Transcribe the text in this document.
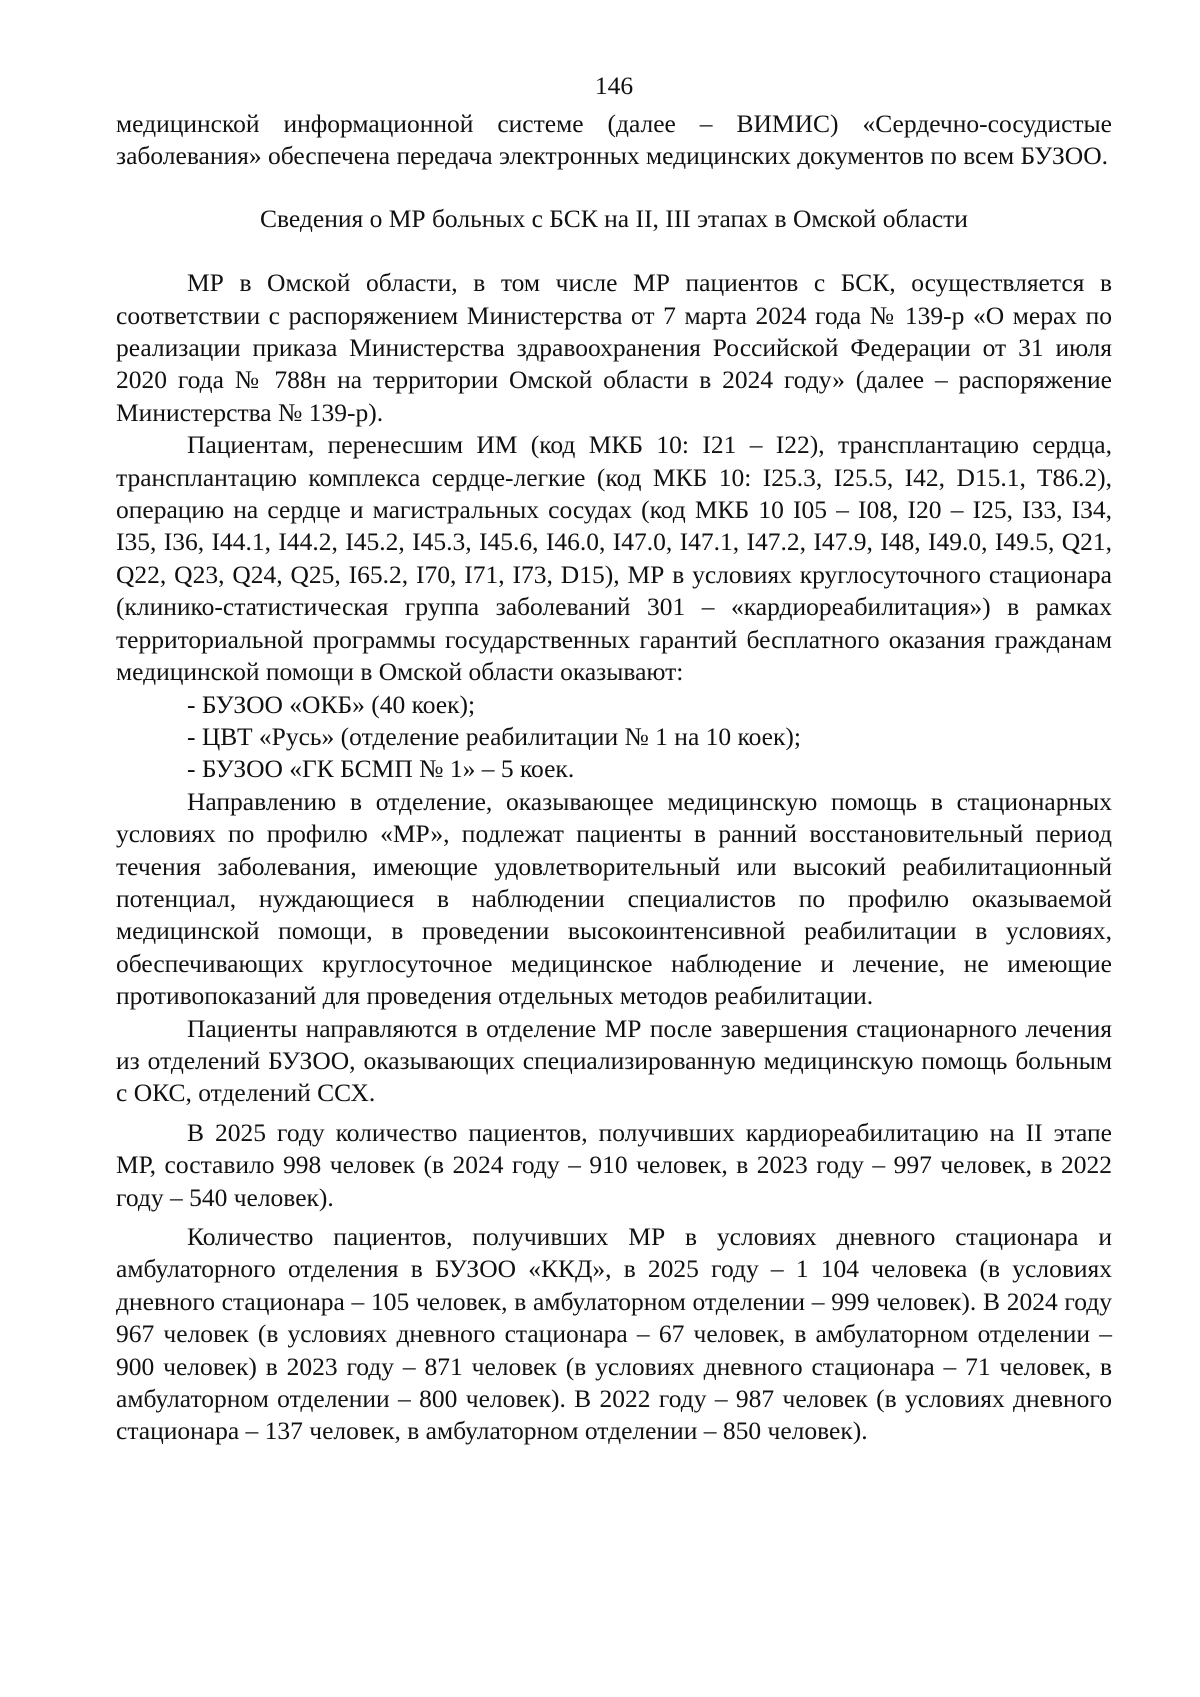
146

медицинской информационной системе (далее – ВИМИС) «Сердечно-сосудистые заболевания» обеспечена передача электронных медицинских документов по всем БУЗОО.

Сведения о МР больных с БСК на II, III этапах в Омской области

МР в Омской области, в том числе МР пациентов с БСК, осуществляется в соответствии с распоряжением Министерства от 7 марта 2024 года № 139-р «О мерах по реализации приказа Министерства здравоохранения Российской Федерации от 31 июля 2020 года № 788н на территории Омской области в 2024 году» (далее – распоряжение Министерства № 139-р).

Пациентам, перенесшим ИМ (код МКБ 10: I21 – I22), трансплантацию сердца, трансплантацию комплекса сердце-легкие (код МКБ 10: I25.3, I25.5, I42, D15.1, T86.2), операцию на сердце и магистральных сосудах (код МКБ 10 I05 – I08, I20 – I25, I33, I34, I35, I36, I44.1, I44.2, I45.2, I45.3, I45.6, I46.0, I47.0, I47.1, I47.2, I47.9, I48, I49.0, I49.5, Q21, Q22, Q23, Q24, Q25, I65.2, I70, I71, I73, D15), МР в условиях круглосуточного стационара (клинико-статистическая группа заболеваний 301 – «кардиореабилитация») в рамках территориальной программы государственных гарантий бесплатного оказания гражданам медицинской помощи в Омской области оказывают:

- БУЗОО «ОКБ» (40 коек);

- ЦВТ «Русь» (отделение реабилитации № 1 на 10 коек);

- БУЗОО «ГК БСМП № 1» – 5 коек.

Направлению в отделение, оказывающее медицинскую помощь в стационарных условиях по профилю «МР», подлежат пациенты в ранний восстановительный период течения заболевания, имеющие удовлетворительный или высокий реабилитационный потенциал, нуждающиеся в наблюдении специалистов по профилю оказываемой медицинской помощи, в проведении высокоинтенсивной реабилитации в условиях, обеспечивающих круглосуточное медицинское наблюдение и лечение, не имеющие противопоказаний для проведения отдельных методов реабилитации.

Пациенты направляются в отделение МР после завершения стационарного лечения из отделений БУЗОО, оказывающих специализированную медицинскую помощь больным с ОКС, отделений ССХ.

В 2025 году количество пациентов, получивших кардиореабилитацию на II этапе МР, составило 998 человек (в 2024 году – 910 человек, в 2023 году – 997 человек, в 2022 году – 540 человек).

Количество пациентов, получивших МР в условиях дневного стационара и амбулаторного отделения в БУЗОО «ККД», в 2025 году – 1 104 человека (в условиях дневного стационара – 105 человек, в амбулаторном отделении – 999 человек). В 2024 году 967 человек (в условиях дневного стационара – 67 человек, в амбулаторном отделении – 900 человек) в 2023 году – 871 человек (в условиях дневного стационара – 71 человек, в амбулаторном отделении – 800 человек). В 2022 году – 987 человек (в условиях дневного стационара – 137 человек, в амбулаторном отделении – 850 человек).
